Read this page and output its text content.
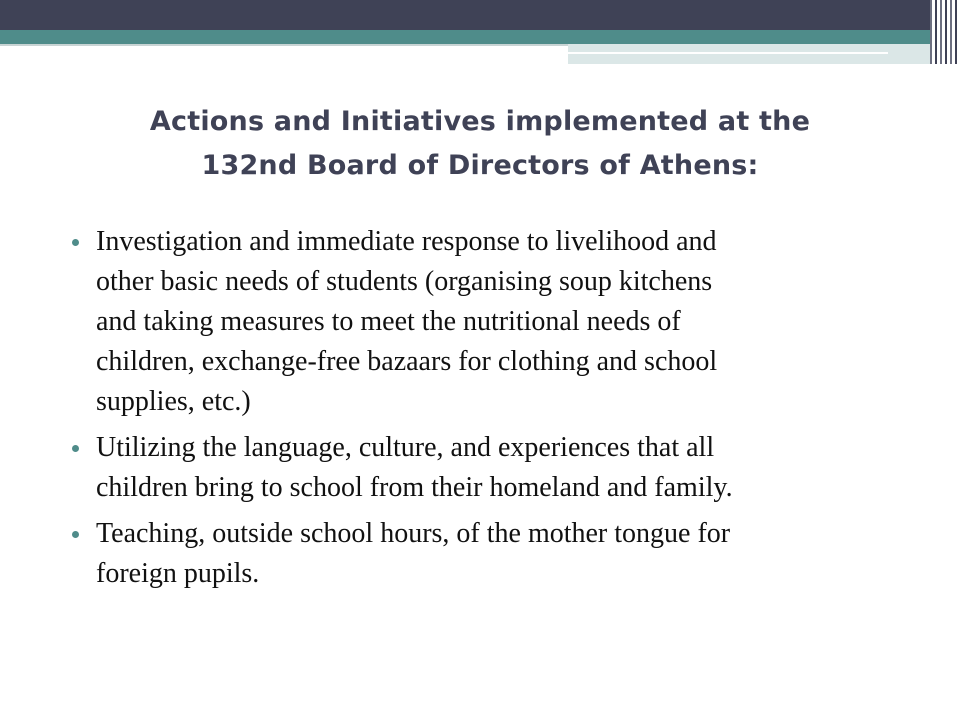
Actions and Initiatives implemented at the
132nd Board of Directors of Athens:
Investigation and immediate response to livelihood and
other basic needs of students (organising soup kitchens
and taking measures to meet the nutritional needs of
children, exchange-free bazaars for clothing and school
supplies, etc.)
Utilizing the language, culture, and experiences that all
children bring to school from their homeland and family.
Teaching, outside school hours, of the mother tongue for
foreign pupils.
